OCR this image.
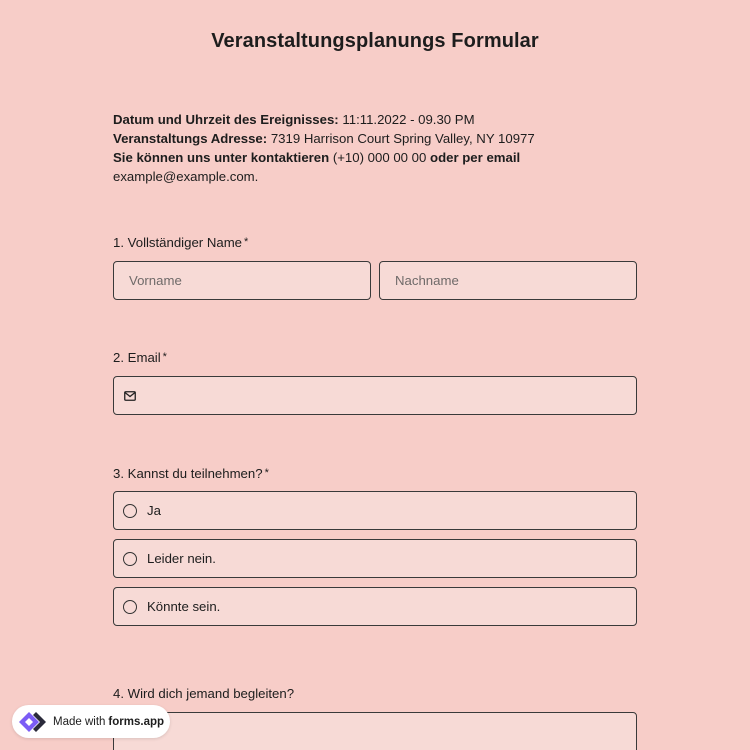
Veranstaltungsplanungs Formular
Datum und Uhrzeit des Ereignisses: 11:11.2022 - 09.30 PM
Veranstaltungs Adresse: 7319 Harrison Court Spring Valley, NY 10977
Sie können uns unter kontaktieren (+10) 000 00 00 oder per email
example@example.com.
1. Vollständiger Name *
Vorname	Nachname
2. Email *
3. Kannst du teilnehmen? *
Ja
Leider nein.
Könnte sein.
4. Wird dich jemand begleiten?
Made with forms.app
